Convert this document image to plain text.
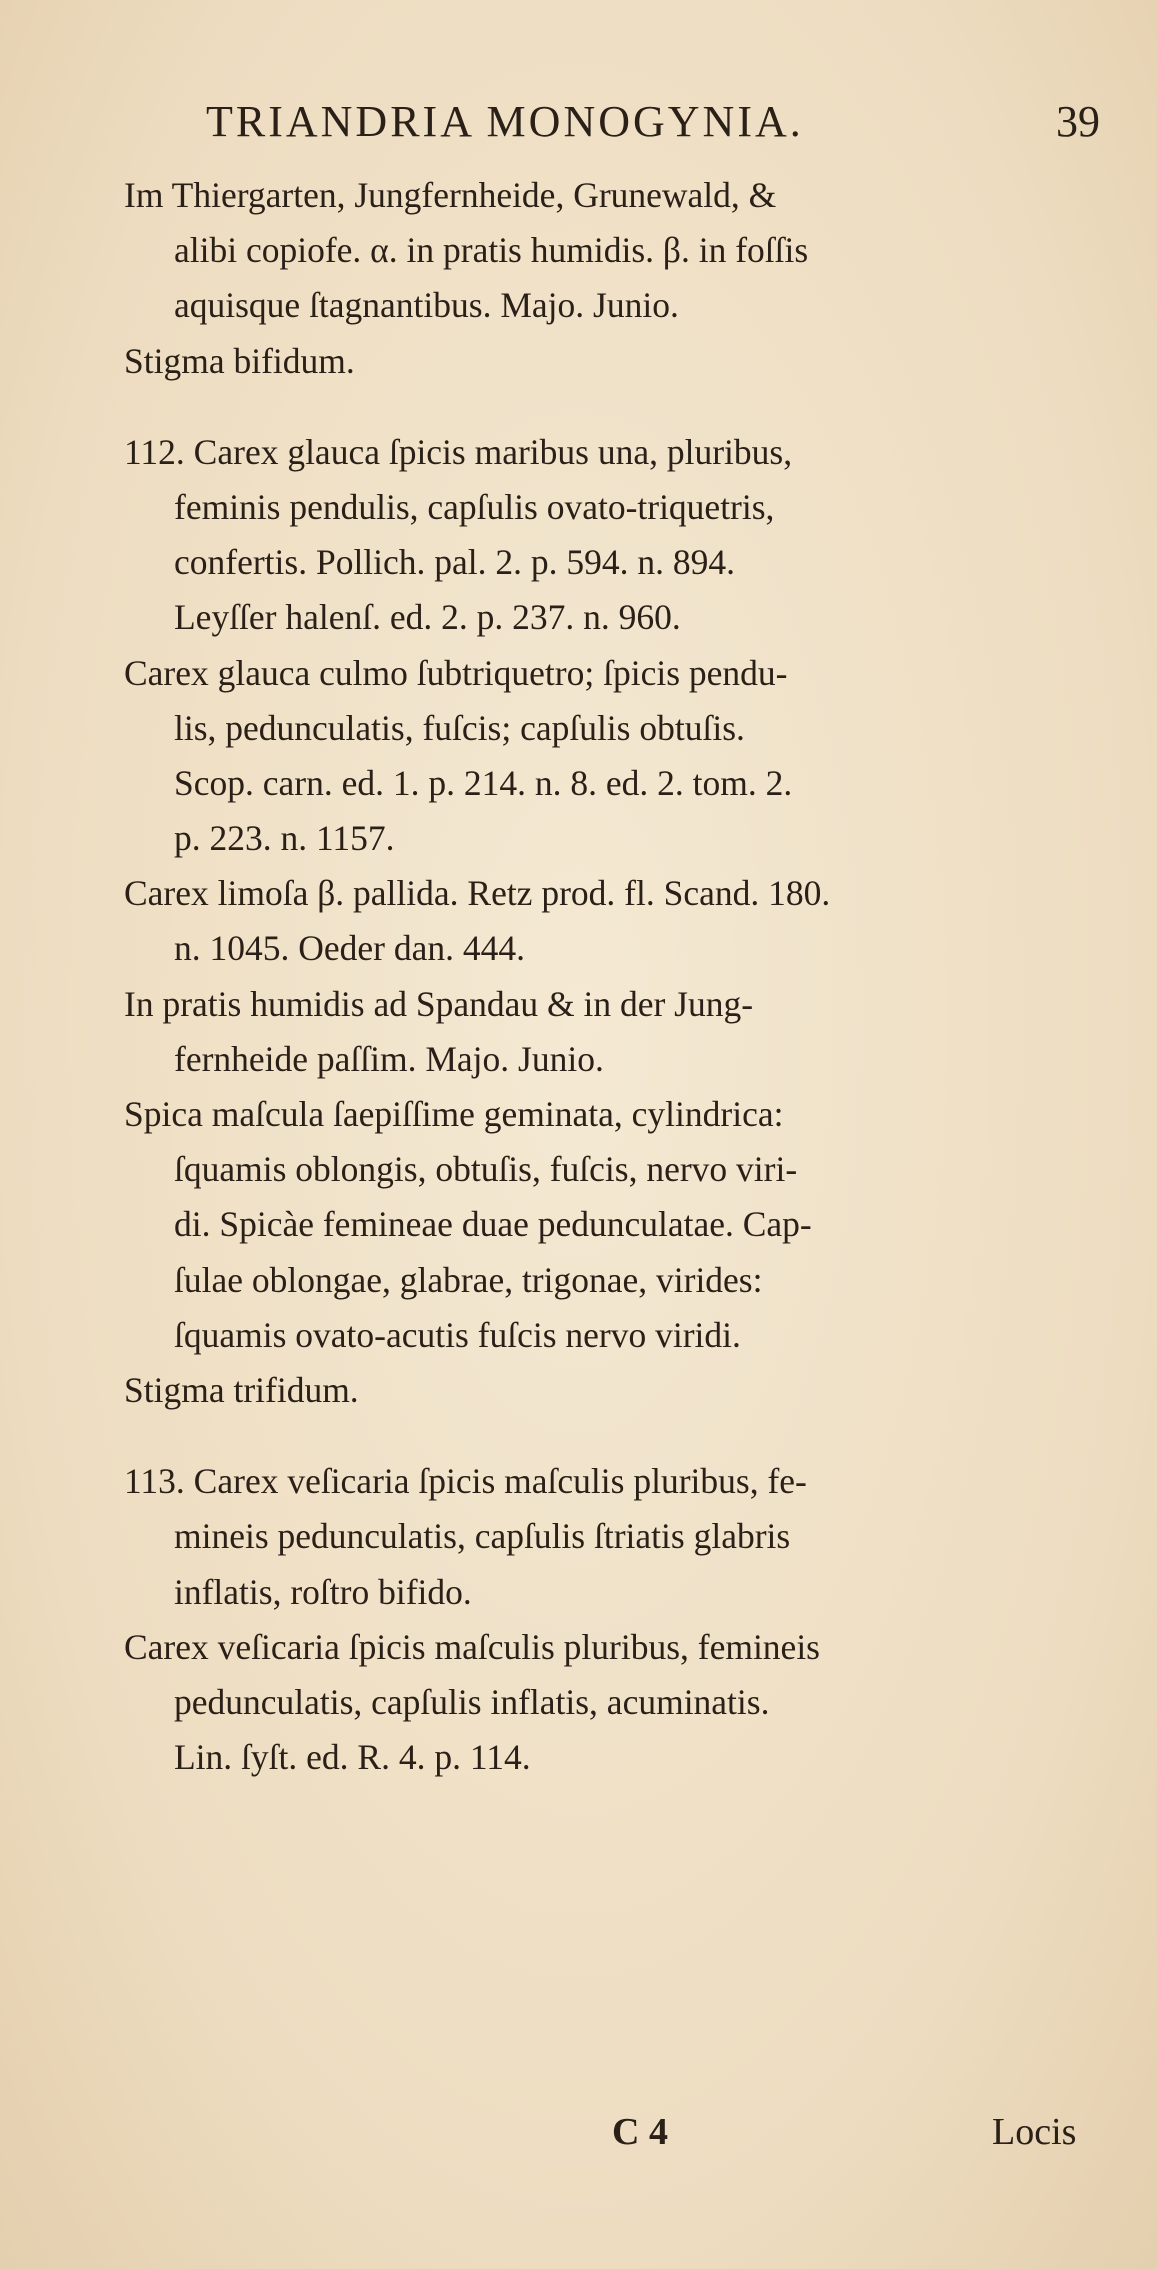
TRIANDRIA MONOGYNIA.	39
Im Thiergarten, Jungfernheide, Grunewald, &
alibi copiofe. α. in pratis humidis. β. in foſſis
aquisque ſtagnantibus. Majo. Junio.
Stigma bifidum.
112. Carex glauca ſpicis maribus una, pluribus,
feminis pendulis, capſulis ovato-triquetris,
confertis. Pollich. pal. 2. p. 594. n. 894.
Leyſſer halenſ. ed. 2. p. 237. n. 960.
Carex glauca culmo ſubtriquetro; ſpicis pendu-
lis, pedunculatis, fuſcis; capſulis obtuſis.
Scop. carn. ed. 1. p. 214. n. 8. ed. 2. tom. 2.
p. 223. n. 1157.
Carex limoſa β. pallida. Retz prod. fl. Scand. 180.
n. 1045. Oeder dan. 444.
In pratis humidis ad Spandau & in der Jung-
fernheide paſſim. Majo. Junio.
Spica maſcula ſaepiſſime geminata, cylindrica:
ſquamis oblongis, obtuſis, fuſcis, nervo viri-
di. Spicàe femineae duae pedunculatae. Cap-
ſulae oblongae, glabrae, trigonae, virides:
ſquamis ovato-acutis fuſcis nervo viridi.
Stigma trifidum.
113. Carex veſicaria ſpicis maſculis pluribus, fe-
mineis pedunculatis, capſulis ſtriatis glabris
inflatis, roſtro bifido.
Carex veſicaria ſpicis maſculis pluribus, femineis
pedunculatis, capſulis inflatis, acuminatis.
Lin. ſyſt. ed. R. 4. p. 114.
C 4	Locis
